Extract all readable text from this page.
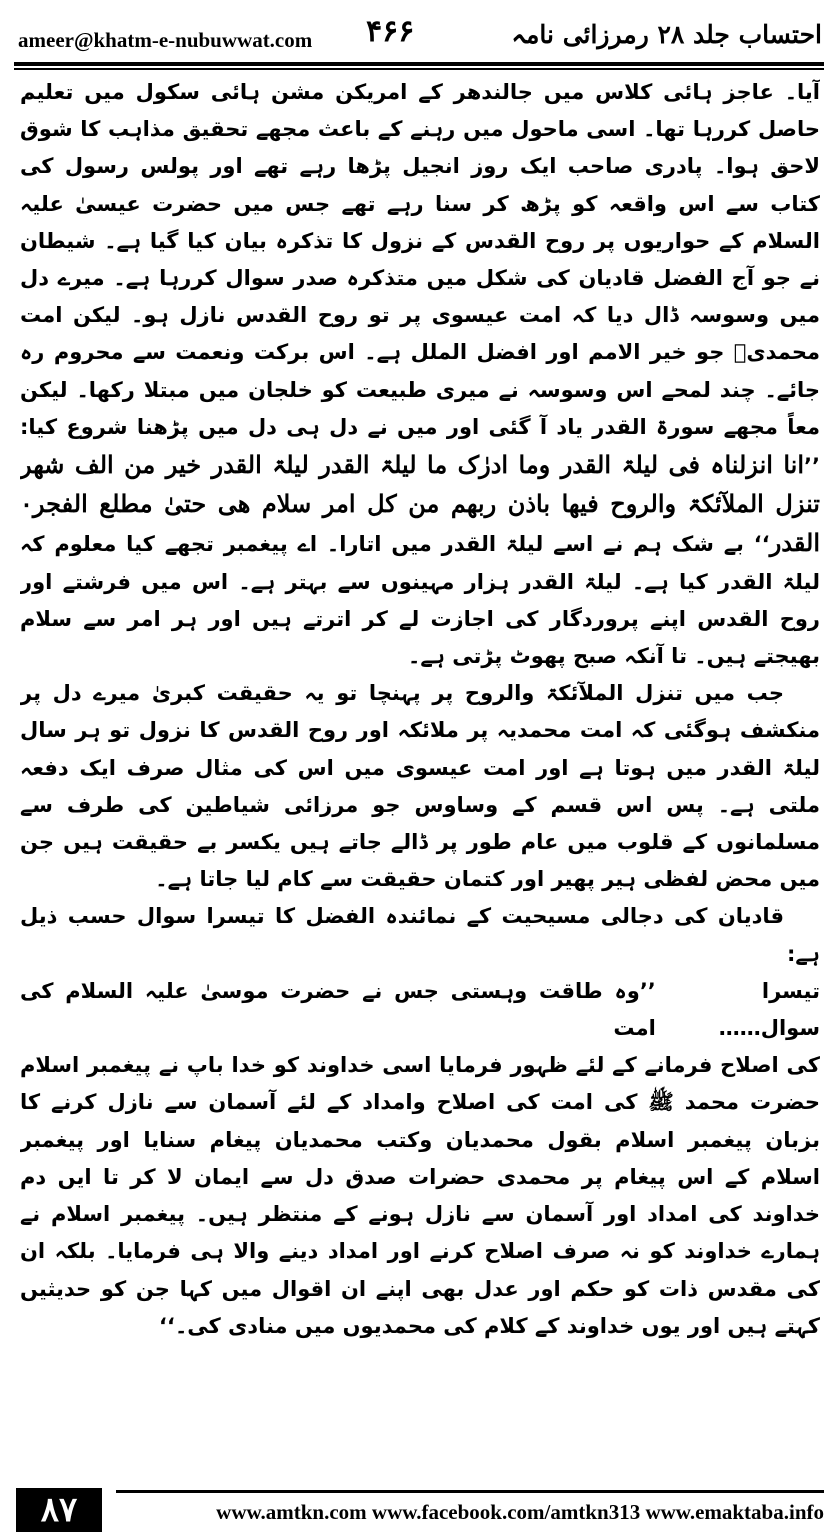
ameer@khatm-e-nubuwwat.com ۴۶۶	احتساب جلد ۲۸ رمرزائی نامہ

آیا۔ عاجز ہائی کلاس میں جالندھر کے امریکن مشن ہائی سکول میں تعلیم حاصل کررہا تھا۔ اسی ماحول میں رہنے کے باعث مجھے تحقیق مذاہب کا شوق لاحق ہوا۔ پادری صاحب ایک روز انجیل پڑھا رہے تھے اور پولس رسول کی کتاب سے اس واقعہ کو پڑھ کر سنا رہے تھے جس میں حضرت عیسیٰ علیہ السلام کے حواریوں پر روح القدس کے نزول کا تذکرہ بیان کیا گیا ہے۔ شیطان نے جو آج الفضل قادیان کی شکل میں متذکرہ صدر سوال کررہا ہے۔ میرے دل میں وسوسہ ڈال دیا کہ امت عیسوی پر تو روح القدس نازل ہو۔ لیکن امت محمدیؐ جو خیر الامم اور افضل الملل ہے۔ اس برکت ونعمت سے محروم رہ جائے۔ چند لمحے اس وسوسہ نے میری طبیعت کو خلجان میں مبتلا رکھا۔ لیکن معاً مجھے سورۃ القدر یاد آ گئی اور میں نے دل ہی دل میں پڑھنا شروع کیا: ’’انا انزلناہ فی لیلۃ القدر وما ادرٰک ما لیلۃ القدر لیلۃ القدر خیر من الف شھر تنزل الملآئکۃ والروح فیھا باذن ربھم من کل امر سلام ھی حتیٰ مطلع الفجر۰ القدر‘‘ بے شک ہم نے اسے لیلۃ القدر میں اتارا۔ اے پیغمبر تجھے کیا معلوم کہ لیلۃ القدر کیا ہے۔ لیلۃ القدر ہزار مہینوں سے بہتر ہے۔ اس میں فرشتے اور روح القدس اپنے پروردگار کی اجازت لے کر اترتے ہیں اور ہر امر سے سلام بھیجتے ہیں۔ تا آنکہ صبح پھوٹ پڑتی ہے۔

جب میں تنزل الملآئکۃ والروح پر پہنچا تو یہ حقیقت کبریٰ میرے دل پر منکشف ہوگئی کہ امت محمدیہ پر ملائکہ اور روح القدس کا نزول تو ہر سال لیلۃ القدر میں ہوتا ہے اور امت عیسوی میں اس کی مثال صرف ایک دفعہ ملتی ہے۔ پس اس قسم کے وساوس جو مرزائی شیاطین کی طرف سے مسلمانوں کے قلوب میں عام طور پر ڈالے جاتے ہیں یکسر بے حقیقت ہیں جن میں محض لفظی ہیر پھیر اور کتمان حقیقت سے کام لیا جاتا ہے۔

قادیان کی دجالی مسیحیت کے نمائندہ الفضل کا تیسرا سوال حسب ذیل ہے:

تیسرا سوال……
’’وہ طاقت وہستی جس نے حضرت موسیٰ علیہ السلام کی امت

کی اصلاح فرمانے کے لئے ظہور فرمایا اسی خداوند کو خدا باپ نے پیغمبر اسلام حضرت محمد ﷺ کی امت کی اصلاح وامداد کے لئے آسمان سے نازل کرنے کا بزبان پیغمبر اسلام بقول محمدیان وکتب محمدیان پیغام سنایا اور پیغمبر اسلام کے اس پیغام پر محمدی حضرات صدق دل سے ایمان لا کر تا ایں دم خداوند کی امداد اور آسمان سے نازل ہونے کے منتظر ہیں۔ پیغمبر اسلام نے ہمارے خداوند کو نہ صرف اصلاح کرنے اور امداد دینے والا ہی فرمایا۔ بلکہ ان کی مقدس ذات کو حکم اور عدل بھی اپنے ان اقوال میں کہا جن کو حدیثیں کہتے ہیں اور یوں خداوند کے کلام کی محمدیوں میں منادی کی۔‘‘

۸۷	www.amtkn.com www.facebook.com/amtkn313 www.emaktaba.info
